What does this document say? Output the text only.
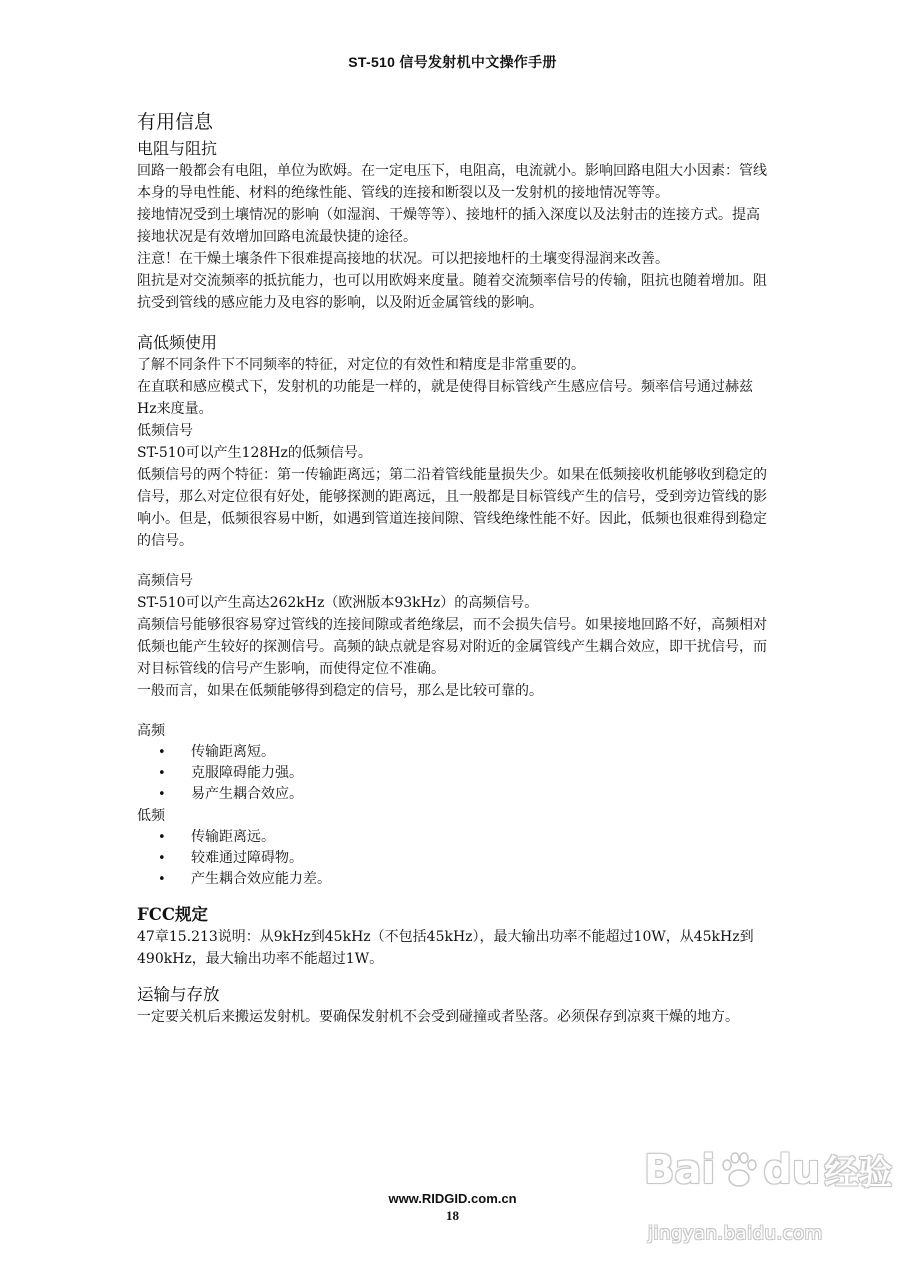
ST-510 信号发射机中文操作手册
有用信息
电阻与阻抗

回路一般都会有电阻，单位为欧姆。在一定电压下，电阻高，电流就小。影响回路电阻大小因素：管线本身的导电性能、材料的绝缘性能、管线的连接和断裂以及一发射机的接地情况等等。

接地情况受到土壤情况的影响（如湿润、干燥等等）、接地杆的插入深度以及法射击的连接方式。提高接地状况是有效增加回路电流最快捷的途径。

注意！在干燥土壤条件下很难提高接地的状况。可以把接地杆的土壤变得湿润来改善。

阻抗是对交流频率的抵抗能力，也可以用欧姆来度量。随着交流频率信号的传输，阻抗也随着增加。阻抗受到管线的感应能力及电容的影响，以及附近金属管线的影响。

高低频使用

了解不同条件下不同频率的特征，对定位的有效性和精度是非常重要的。

在直联和感应模式下，发射机的功能是一样的，就是使得目标管线产生感应信号。频率信号通过赫兹Hz来度量。

低频信号

ST-510可以产生128Hz的低频信号。

低频信号的两个特征：第一传输距离远；第二沿着管线能量损失少。如果在低频接收机能够收到稳定的信号，那么对定位很有好处，能够探测的距离远，且一般都是目标管线产生的信号，受到旁边管线的影响小。但是，低频很容易中断，如遇到管道连接间隙、管线绝缘性能不好。因此，低频也很难得到稳定的信号。

高频信号

ST-510可以产生高达262kHz（欧洲版本93kHz）的高频信号。

高频信号能够很容易穿过管线的连接间隙或者绝缘层，而不会损失信号。如果接地回路不好，高频相对低频也能产生较好的探测信号。高频的缺点就是容易对附近的金属管线产生耦合效应，即干扰信号，而对目标管线的信号产生影响，而使得定位不准确。

一般而言，如果在低频能够得到稳定的信号，那么是比较可靠的。

高频
• 传输距离短。
• 克服障碍能力强。
• 易产生耦合效应。
低频
• 传输距离远。
• 较难通过障碍物。
• 产生耦合效应能力差。
FCC规定

47章15.213说明：从9kHz到45kHz（不包括45kHz），最大输出功率不能超过10W，从45kHz到490kHz，最大输出功率不能超过1W。

运输与存放

一定要关机后来搬运发射机。要确保发射机不会受到碰撞或者坠落。必须保存到凉爽干燥的地方。

www.RIDGID.com.cn
18
Bai du 经验
jingyan.baidu.com
